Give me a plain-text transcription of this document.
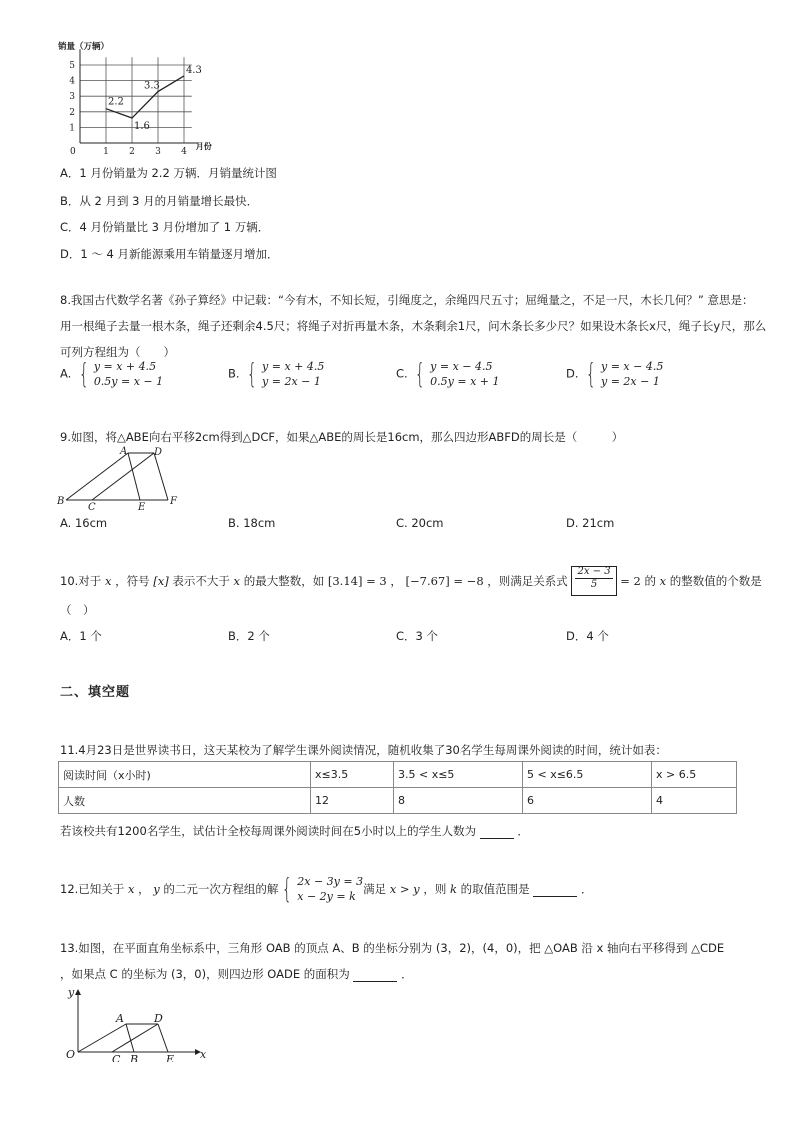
1
2
3
4
5
1 2 3 4
0
销量（万辆）
月份
2.2
1.6
3.3
4.3
A．1 月份销量为 2.2 万辆．月销量统计图
B．从 2 月到 3 月的月销量增长最快．
C．4 月份销量比 3 月份增加了 1 万辆．
D．1 ～ 4 月新能源乘用车销量逐月增加．
8.我国古代数学名著《孙子算经》中记载：“今有木，不知长短，引绳度之，余绳四尺五寸；屈绳量之，不足一尺，木长几何？” 意思是：
用一根绳子去量一根木条，绳子还剩余4.5尺；将绳子对折再量木条，木条剩余1尺，问木条长多少尺？如果设木条长x尺，绳子长y尺，那么
可列方程组为（　　）
A. { y = x + 4.5
0.5y = x − 1
B. { y = x + 4.5
y = 2x − 1
C. { y = x − 4.5
0.5y = x + 1
D. { y = x − 4.5
y = 2x − 1
9.如图，将△ABE向右平移2cm得到△DCF，如果△ABE的周长是16cm，那么四边形ABFD的周长是（　　　）
A	D
B
C	E
F
A. 16cm	B. 18cm	C. 20cm	D. 21cm
10.对于
x
，符号
[x]
表示不大于
x
的最大整数，如
[3.14] = 3
，
[−7.67] = −8
，则满足关系式
$\frac{2x - 3}{5}$
= 2
的
x
的整数值的个数是
（　）
A．1 个	B．2 个	C．3 个	D．4 个
二、填空题
11.4月23日是世界读书日，这天某校为了解学生课外阅读情况，随机收集了30名学生每周课外阅读的时间，统计如表：
阅读时间（x小时)	x≤3.5	3.5 < x≤5	5 < x≤6.5	x > 6.5
人数	12	8	6	4
若该校共有1200名学生，试估计全校每周课外阅读时间在5小时以上的学生人数为	．
12.已知关于
x
，
y
的二元一次方程组的解 { 2x − 3y = 3
x − 2y = k
满足
x > y
，则
k
的取值范围是

	．
13.如图，在平面直角坐标系中，三角形 OAB 的顶点 A、B 的坐标分别为 (3，2)，(4，0)，把 △OAB 沿 x 轴向右平移得到 △CDE
，如果点 C 的坐标为 (3，0)，则四边形 OADE 的面积为	．
y
x
O
A	D
C B	E
